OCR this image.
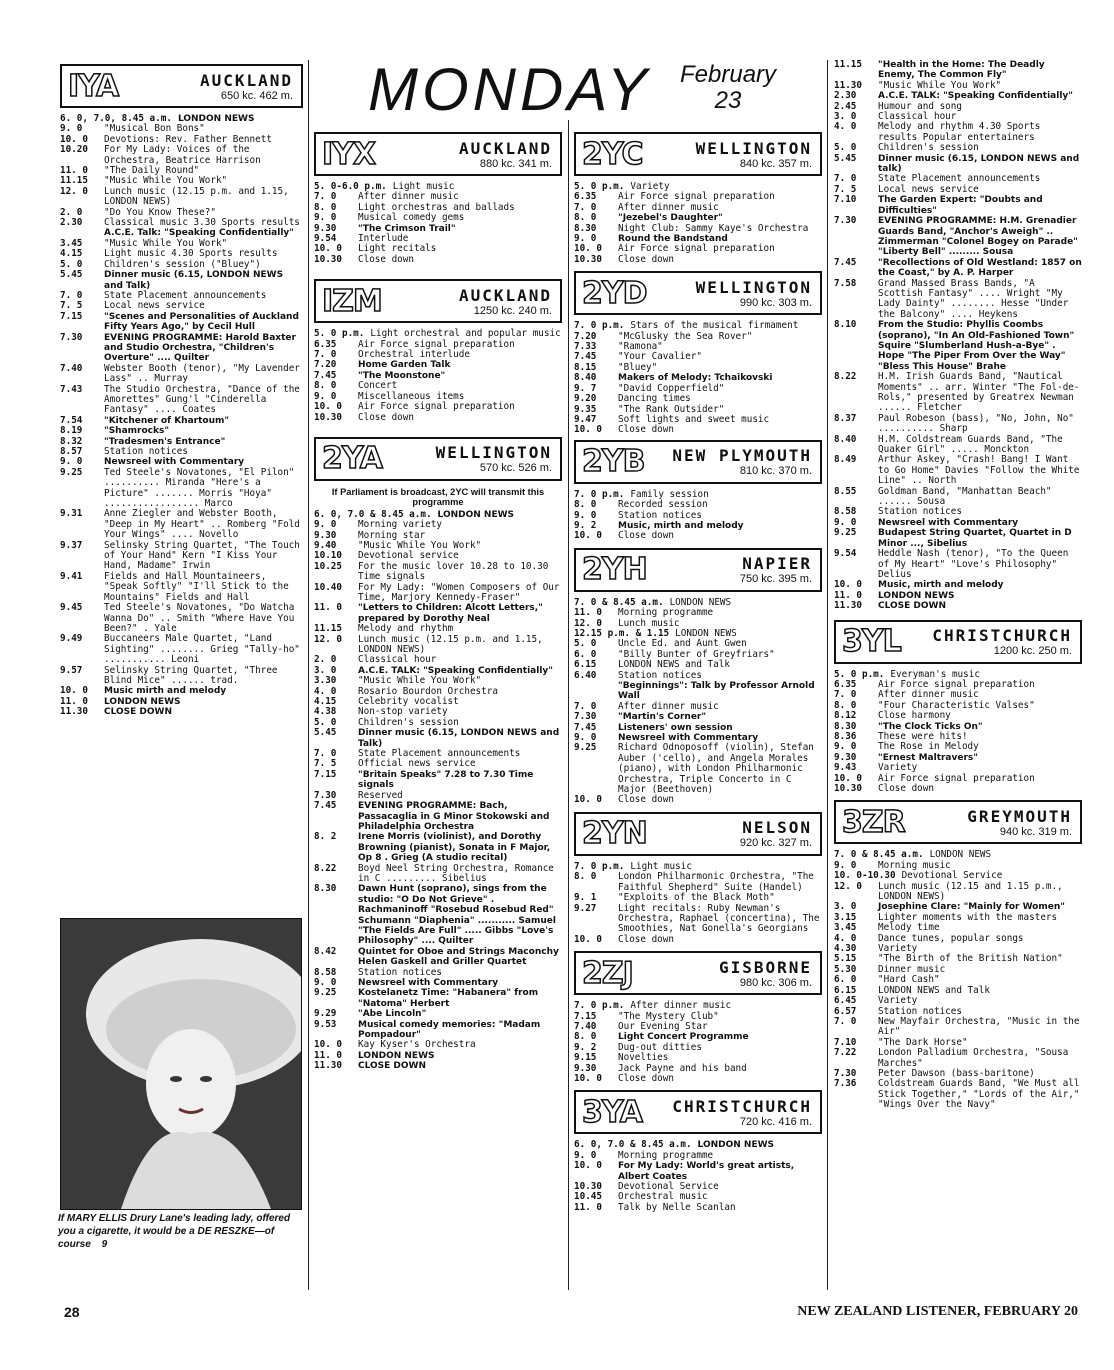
MONDAY February
23
IYA	AUCKLAND
650 kc. 462 m.
6. 0, 7.0, 8.45 a.m. LONDON NEWS
9. 0	"Musical Bon Bons"
10. 0	Devotions: Rev. Father Bennett
10.20	For My Lady: Voices of the Orchestra, Beatrice Harrison
11. 0	"The Daily Round"
11.15	"Music While You Work"
12. 0	Lunch music (12.15 p.m. and 1.15, LONDON NEWS)
2. 0	"Do You Know These?"
2.30	Classical music 3.30 Sports results
A.C.E. Talk: "Speaking Confidentially"
3.45	"Music While You Work"
4.15	Light music 4.30 Sports results
5. 0	Children's session ("Bluey")
5.45	Dinner music (6.15, LONDON NEWS and Talk)
7. 0	State Placement announcements
7. 5	Local news service
7.15	"Scenes and Personalities of Auckland Fifty Years Ago," by Cecil Hull
7.30	EVENING PROGRAMME: Harold Baxter and Studio Orchestra, "Children's Overture" .... Quilter
7.40	Webster Booth (tenor), "My Lavender Lass" .. Murray
7.43	The Studio Orchestra, "Dance of the Amorettes" Gung'l "Cinderella Fantasy" .... Coates
7.54	"Kitchener of Khartoum"
8.19	"Shamrocks"
8.32	"Tradesmen's Entrance"
8.57	Station notices
9. 0	Newsreel with Commentary
9.25	Ted Steele's Novatones, "El Pilon" .......... Miranda "Here's a Picture" ....... Morris "Hoya" ................. Marco
9.31	Anne Ziegler and Webster Booth, "Deep in My Heart" .. Romberg "Fold Your Wings" .... Novello
9.37	Selinsky String Quartet, "The Touch of Your Hand" Kern "I Kiss Your Hand, Madame" Irwin
9.41	Fields and Hall Mountaineers, "Speak Softly" "I'll Stick to the Mountains" Fields and Hall
9.45	Ted Steele's Novatones, "Do Watcha Wanna Do" .. Smith "Where Have You Been?" . Yale
9.49	Buccaneers Male Quartet, "Land Sighting" ........ Grieg "Tally-ho" ........... Leoni
9.57	Selinsky String Quartet, "Three Blind Mice" ...... trad.
10. 0	Music mirth and melody
11. 0	LONDON NEWS
11.30	CLOSE DOWN
If MARY ELLIS Drury Lane's leading lady, offered you a cigarette, it would be a DE RESZKE—of course 9
IYX	AUCKLAND
880 kc. 341 m.
5. 0-6.0 p.m. Light music
7. 0	After dinner music
8. 0	Light orchestras and ballads
9. 0	Musical comedy gems
9.30	"The Crimson Trail"
9.54	Interlude
10. 0	Light recitals
10.30	Close down
IZM	AUCKLAND
1250 kc. 240 m.
5. 0 p.m. Light orchestral and popular music
6.35	Air Force signal preparation
7. 0	Orchestral interlude
7.20	Home Garden Talk
7.45	"The Moonstone"
8. 0	Concert
9. 0	Miscellaneous items
10. 0	Air Force signal preparation
10.30	Close down
2YA	WELLINGTON
570 kc. 526 m.
If Parliament is broadcast, 2YC will transmit this programme
6. 0, 7.0 & 8.45 a.m. LONDON NEWS
9. 0	Morning variety
9.30	Morning star
9.40	"Music While You Work"
10.10	Devotional service
10.25	For the music lover 10.28 to 10.30 Time signals
10.40	For My Lady: "Women Composers of Our Time, Marjory Kennedy-Fraser"
11. 0	"Letters to Children: Alcott Letters," prepared by Dorothy Neal
11.15	Melody and rhythm
12. 0	Lunch music (12.15 p.m. and 1.15, LONDON NEWS)
2. 0	Classical hour
3. 0	A.C.E. TALK: "Speaking Confidentially"
3.30	"Music While You Work"
4. 0	Rosario Bourdon Orchestra
4.15	Celebrity vocalist
4.38	Non-stop variety
5. 0	Children's session
5.45	Dinner music (6.15, LONDON NEWS and Talk)
7. 0	State Placement announcements
7. 5	Official news service
7.15	"Britain Speaks" 7.28 to 7.30 Time signals
7.30	Reserved
7.45	EVENING PROGRAMME: Bach, Passacaglia in G Minor Stokowski and Philadelphia Orchestra
8. 2	Irene Morris (violinist), and Dorothy Browning (pianist), Sonata in F Major, Op 8 . Grieg (A studio recital)
8.22	Boyd Neel String Orchestra, Romance in C ......... Sibelius
8.30	Dawn Hunt (soprano), sings from the studio: "O Do Not Grieve" . Rachmaninoff "Rosebud Rosebud Red" Schumann "Diaphenia" ........... Samuel "The Fields Are Full" ..... Gibbs "Love's Philosophy" .... Quilter
8.42	Quintet for Oboe and Strings Maconchy
Helen Gaskell and Griller Quartet
8.58	Station notices
9. 0	Newsreel with Commentary
9.25	Kostelanetz Time: "Habanera" from "Natoma" Herbert
9.29	"Abe Lincoln"
9.53	Musical comedy memories: "Madam Pompadour"
10. 0	Kay Kyser's Orchestra
11. 0	LONDON NEWS
11.30	CLOSE DOWN
2YC	WELLINGTON
840 kc. 357 m.
5. 0 p.m. Variety
6.35	Air Force signal preparation
7. 0	After dinner music
8. 0	"Jezebel's Daughter"
8.30	Night Club: Sammy Kaye's Orchestra
9. 0	Round the Bandstand
10. 0	Air Force signal preparation
10.30	Close down
2YD	WELLINGTON
990 kc. 303 m.
7. 0 p.m. Stars of the musical firmament
7.20	"McGlusky the Sea Rover"
7.33	"Ramona"
7.45	"Your Cavalier"
8.15	"Bluey"
8.40	Makers of Melody: Tchaikovski
9. 7	"David Copperfield"
9.20	Dancing times
9.35	"The Rank Outsider"
9.47	Soft lights and sweet music
10. 0	Close down
2YB	NEW PLYMOUTH
810 kc. 370 m.
7. 0 p.m. Family session
8. 0	Recorded session
9. 0	Station notices
9. 2	Music, mirth and melody
10. 0	Close down
2YH	NAPIER
750 kc. 395 m.
7. 0 & 8.45 a.m. LONDON NEWS
11. 0	Morning programme
12. 0	Lunch music
12.15 p.m. & 1.15 LONDON NEWS
5. 0	Uncle Ed. and Aunt Gwen
6. 0	"Billy Bunter of Greyfriars"
6.15	LONDON NEWS and Talk
6.40	Station notices
"Beginnings": Talk by Professor Arnold Wall
7. 0	After dinner music
7.30	"Martin's Corner"
7.45	Listeners' own session
9. 0	Newsreel with Commentary
9.25	Richard Odnoposoff (violin), Stefan Auber ('cello), and Angela Morales (piano), with London Philharmonic Orchestra, Triple Concerto in C Major (Beethoven)
10. 0	Close down
2YN	NELSON
920 kc. 327 m.
7. 0 p.m. Light music
8. 0	London Philharmonic Orchestra, "The Faithful Shepherd" Suite (Handel)
9. 1	"Exploits of the Black Moth"
9.27	Light recitals: Ruby Newman's Orchestra, Raphael (concertina), The Smoothies, Nat Gonella's Georgians
10. 0	Close down
2ZJ	GISBORNE
980 kc. 306 m.
7. 0 p.m. After dinner music
7.15	"The Mystery Club"
7.40	Our Evening Star
8. 0	Light Concert Programme
9. 2	Dug-out ditties
9.15	Novelties
9.30	Jack Payne and his band
10. 0	Close down
3YA	CHRISTCHURCH
720 kc. 416 m.
6. 0, 7.0 & 8.45 a.m. LONDON NEWS
9. 0	Morning programme
10. 0	For My Lady: World's great artists, Albert Coates
10.30	Devotional Service
10.45	Orchestral music
11. 0	Talk by Nelle Scanlan
11.15	"Health in the Home: The Deadly Enemy, The Common Fly"
11.30	"Music While You Work"
2.30	A.C.E. TALK: "Speaking Confidentially"
2.45	Humour and song
3. 0	Classical hour
4. 0	Melody and rhythm 4.30 Sports results Popular entertainers
5. 0	Children's session
5.45	Dinner music (6.15, LONDON NEWS and talk)
7. 0	State Placement announcements
7. 5	Local news service
7.10	The Garden Expert: "Doubts and Difficulties"
7.30	EVENING PROGRAMME: H.M. Grenadier Guards Band, "Anchor's Aweigh" .. Zimmerman "Colonel Bogey on Parade" "Liberty Bell" ......... Sousa
7.45	"Recollections of Old Westland: 1857 on the Coast," by A. P. Harper
7.58	Grand Massed Brass Bands, "A Scottish Fantasy" .... Wright "My Lady Dainty" ........ Hesse "Under the Balcony" .... Heykens
8.10	From the Studio: Phyllis Coombs (soprano), "In An Old-Fashioned Town" Squire "Slumberland Hush-a-Bye" . Hope "The Piper From Over the Way" "Bless This House" Brahe
8.22	H.M. Irish Guards Band, "Nautical Moments" .. arr. Winter "The Fol-de-Rols," presented by Greatrex Newman ...... Fletcher
8.37	Paul Robeson (bass), "No, John, No" .......... Sharp
8.40	H.M. Coldstream Guards Band, "The Quaker Girl" ..... Monckton
8.49	Arthur Askey, "Crash! Bang! I Want to Go Home" Davies "Follow the White Line" .. North
8.55	Goldman Band, "Manhattan Beach" ...... Sousa
8.58	Station notices
9. 0	Newsreel with Commentary
9.25	Budapest String Quartet, Quartet in D Minor ..., Sibelius
9.54	Heddle Nash (tenor), "To the Queen of My Heart" "Love's Philosophy" Delius
10. 0	Music, mirth and melody
11. 0	LONDON NEWS
11.30	CLOSE DOWN
3YL	CHRISTCHURCH
1200 kc. 250 m.
5. 0 p.m. Everyman's music
6.35	Air Force signal preparation
7. 0	After dinner music
8. 0	"Four Characteristic Valses"
8.12	Close harmony
8.30	"The Clock Ticks On"
8.36	These were hits!
9. 0	The Rose in Melody
9.30	"Ernest Maltravers"
9.43	Variety
10. 0	Air Force signal preparation
10.30	Close down
3ZR	GREYMOUTH
940 kc. 319 m.
7. 0 & 8.45 a.m. LONDON NEWS
9. 0	Morning music
10. 0-10.30 Devotional Service
12. 0	Lunch music (12.15 and 1.15 p.m., LONDON NEWS)
3. 0	Josephine Clare: "Mainly for Women"
3.15	Lighter moments with the masters
3.45	Melody time
4. 0	Dance tunes, popular songs
4.30	Variety
5.15	"The Birth of the British Nation"
5.30	Dinner music
6. 0	"Hard Cash"
6.15	LONDON NEWS and Talk
6.45	Variety
6.57	Station notices
7. 0	New Mayfair Orchestra, "Music in the Air"
7.10	"The Dark Horse"
7.22	London Palladium Orchestra, "Sousa Marches"
7.30	Peter Dawson (bass-baritone)
7.36	Coldstream Guards Band, "We Must all Stick Together," "Lords of the Air," "Wings Over the Navy"
28	NEW ZEALAND LISTENER, FEBRUARY 20
